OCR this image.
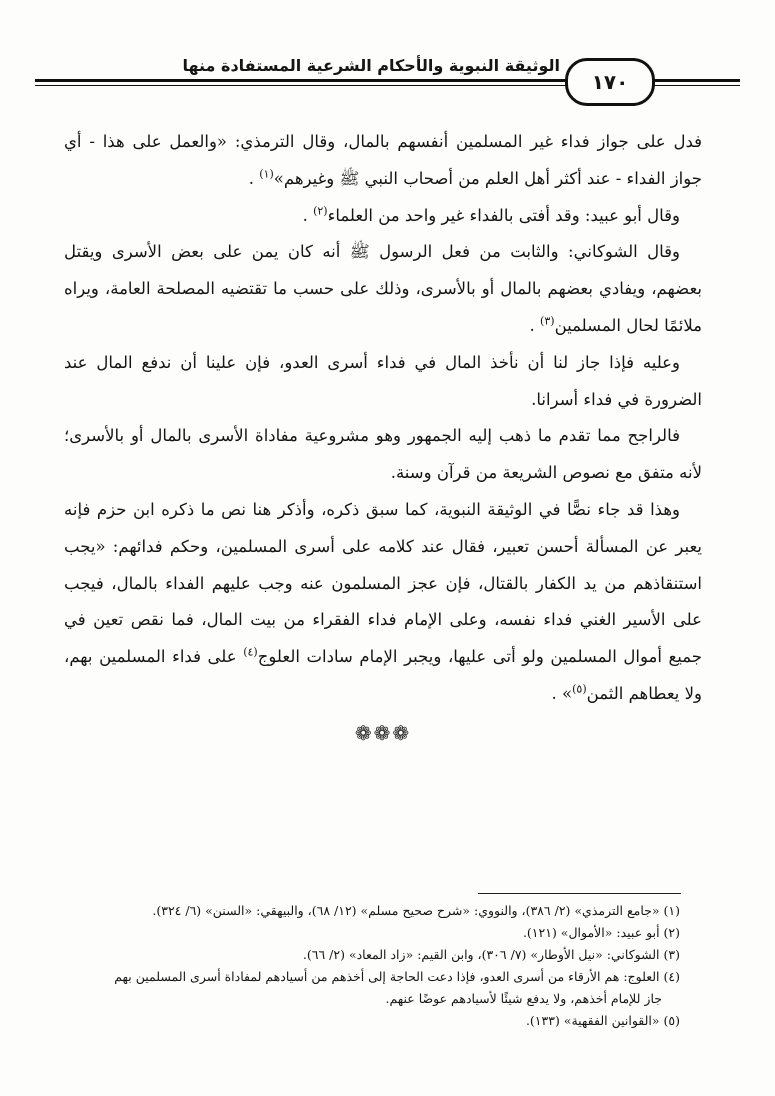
الوثيقة النبوية والأحكام الشرعية المستفادة منها
١٧٠

فدل على جواز فداء غير المسلمين أنفسهم بالمال، وقال الترمذي: «والعمل على هذا - أي جواز الفداء - عند أكثر أهل العلم من أصحاب النبي ﷺ وغيرهم»$^{(١)}$ .

وقال أبو عبيد: وقد أفتى بالفداء غير واحد من العلماء$^{(٢)}$ .

وقال الشوكاني: والثابت من فعل الرسول ﷺ أنه كان يمن على بعض الأسرى ويقتل بعضهم، ويفادي بعضهم بالمال أو بالأسرى، وذلك على حسب ما تقتضيه المصلحة العامة، ويراه ملائمًا لحال المسلمين$^{(٣)}$ .

وعليه فإذا جاز لنا أن نأخذ المال في فداء أسرى العدو، فإن علينا أن ندفع المال عند الضرورة في فداء أسرانا.

فالراجح مما تقدم ما ذهب إليه الجمهور وهو مشروعية مفاداة الأسرى بالمال أو بالأسرى؛ لأنه متفق مع نصوص الشريعة من قرآن وسنة.

وهذا قد جاء نصًّا في الوثيقة النبوية، كما سبق ذكره، وأذكر هنا نص ما ذكره ابن حزم فإنه يعبر عن المسألة أحسن تعبير، فقال عند كلامه على أسرى المسلمين، وحكم فدائهم: «يجب استنقاذهم من يد الكفار بالقتال، فإن عجز المسلمون عنه وجب عليهم الفداء بالمال، فيجب على الأسير الغني فداء نفسه، وعلى الإمام فداء الفقراء من بيت المال، فما نقص تعين في جميع أموال المسلمين ولو أتى عليها، ويجبر الإمام سادات العلوج$^{(٤)}$ على فداء المسلمين بهم، ولا يعطاهم الثمن$^{(٥)}$» .

❁❁❁

(١) «جامع الترمذي» (٢/ ٣٨٦)، والنووي: «شرح صحيح مسلم» (١٢/ ٦٨)، والبيهقي: «السنن» (٦/ ٣٢٤).

(٢) أبو عبيد: «الأموال» (١٢١).

(٣) الشوكاني: «نيل الأوطار» (٧/ ٣٠٦)، وابن القيم: «زاد المعاد» (٢/ ٦٦).

(٤) العلوج: هم الأرقاء من أسرى العدو، فإذا دعت الحاجة إلى أخذهم من أسيادهم لمفاداة أسرى المسلمين بهم

جاز للإمام أخذهم، ولا يدفع شيئًا لأسيادهم عوضًا عنهم.

(٥) «القوانين الفقهية» (١٣٣).
